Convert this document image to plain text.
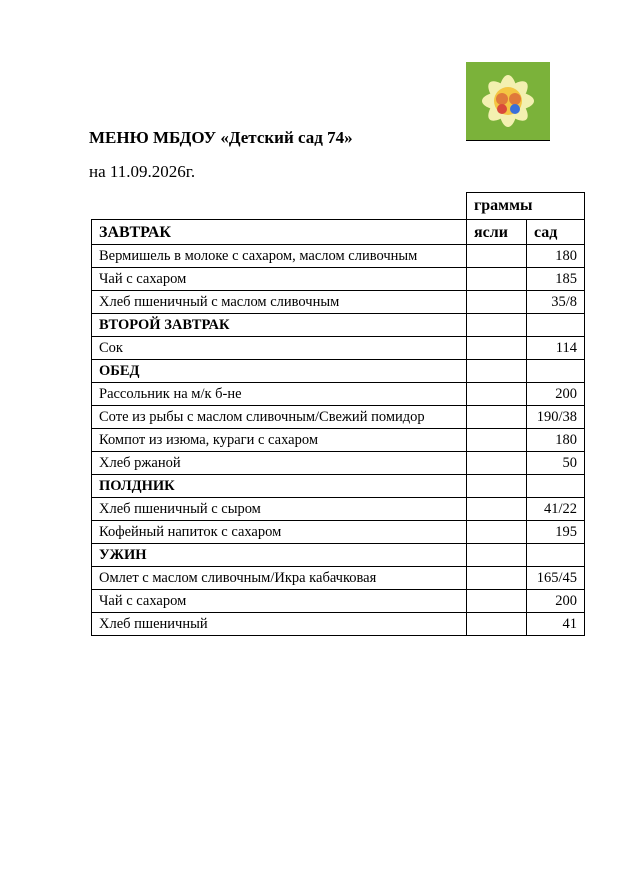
МЕНЮ МБДОУ «Детский сад 74»
на 11.09.2026г.
	граммы	
ЗАВТРАК	ясли	сад
Вермишель в молоке с сахаром, маслом сливочным		180
Чай с сахаром		185
Хлеб пшеничный с маслом сливочным		35/8
ВТОРОЙ ЗАВТРАК		
Сок		114
ОБЕД		
Рассольник на м/к б-не		200
Соте из рыбы с маслом сливочным/Свежий помидор		190/38
Компот из изюма, кураги с сахаром		180
Хлеб ржаной		50
ПОЛДНИК		
Хлеб пшеничный с сыром		41/22
Кофейный напиток с сахаром		195
УЖИН		
Омлет с маслом сливочным/Икра кабачковая		165/45
Чай с сахаром		200
Хлеб пшеничный		41
